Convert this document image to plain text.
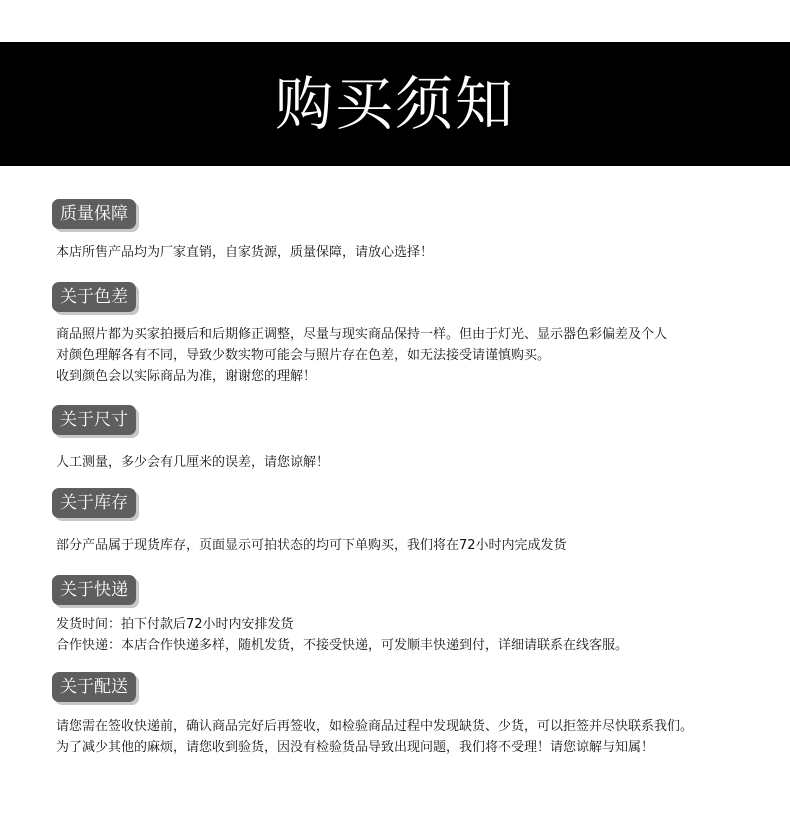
购买须知
质量保障
本店所售产品均为厂家直销，自家货源，质量保障，请放心选择！
关于色差
商品照片都为买家拍摄后和后期修正调整，尽量与现实商品保持一样。但由于灯光、显示器色彩偏差及个人
对颜色理解各有不同，导致少数实物可能会与照片存在色差，如无法接受请谨慎购买。
收到颜色会以实际商品为准，谢谢您的理解！
关于尺寸
人工测量，多少会有几厘米的误差，请您谅解！
关于库存
部分产品属于现货库存，页面显示可拍状态的均可下单购买，我们将在72小时内完成发货
关于快递
发货时间：拍下付款后72小时内安排发货
合作快递：本店合作快递多样，随机发货，不接受快递，可发顺丰快递到付，详细请联系在线客服。
关于配送
请您需在签收快递前，确认商品完好后再签收，如检验商品过程中发现缺货、少货，可以拒签并尽快联系我们。
为了减少其他的麻烦，请您收到验货，因没有检验货品导致出现问题，我们将不受理！请您谅解与知属！
